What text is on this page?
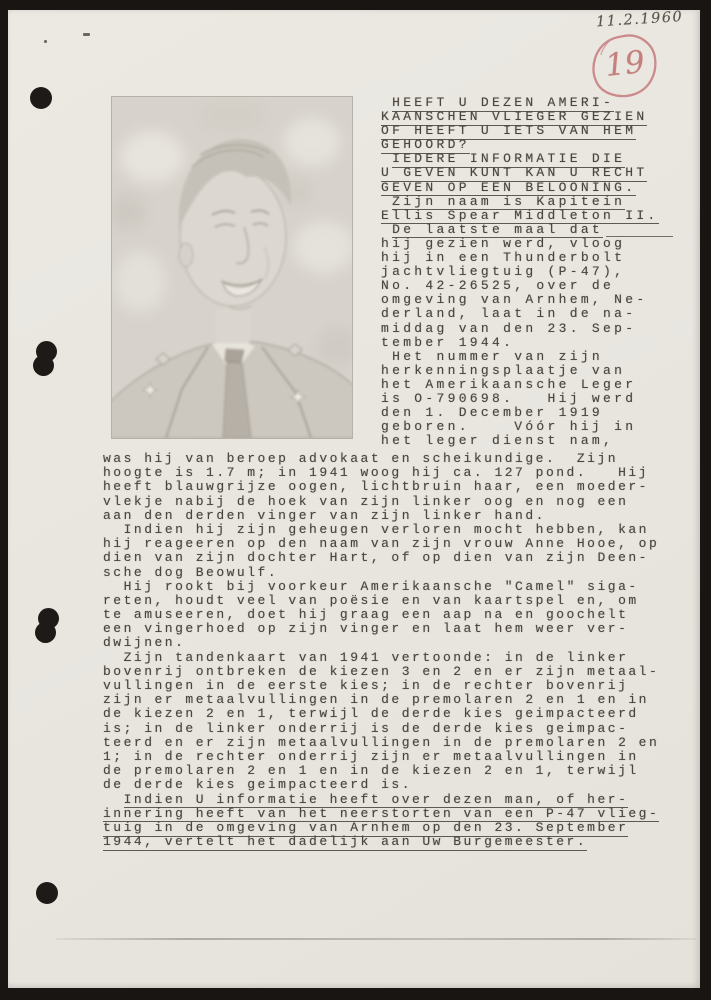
11.2.1960
19

HEEFT U DEZEN AMERI-
KAANSCHEN VLIEGER GEZIEN
OF HEEFT U IETS VAN HEM
GEHOORD?

IEDERE INFORMATIE DIE
U GEVEN KUNT KAN U RECHT
GEVEN OP EEN BELOONING.

Zijn naam is Kapitein
Ellis Spear Middleton II.

De laatste maal dat
hij gezien werd, vloog
hij in een Thunderbolt
jachtvliegtuig (P-47),
No. 42-26525, over de
omgeving van Arnhem, Ne-
derland, laat in de na-
middag van den 23. Sep-
tember 1944.

Het nummer van zijn
herkenningsplaatje van
het Amerikaansche Leger
is O-790698.   Hij werd
den 1. December 1919
geboren.    Vóór hij in
het leger dienst nam,
was hij van beroep advokaat en scheikundige.  Zijn
hoogte is 1.7 m; in 1941 woog hij ca. 127 pond.   Hij
heeft blauwgrijze oogen, lichtbruin haar, een moeder-
vlekje nabij de hoek van zijn linker oog en nog een
aan den derden vinger van zijn linker hand.

Indien hij zijn geheugen verloren mocht hebben, kan
hij reageeren op den naam van zijn vrouw Anne Hooe, op
dien van zijn dochter Hart, of op dien van zijn Deen-
sche dog Beowulf.

Hij rookt bij voorkeur Amerikaansche "Camel" siga-
reten, houdt veel van poësie en van kaartspel en, om
te amuseeren, doet hij graag een aap na en goochelt
een vingerhoed op zijn vinger en laat hem weer ver-
dwijnen.

Zijn tandenkaart van 1941 vertoonde: in de linker
bovenrij ontbreken de kiezen 3 en 2 en er zijn metaal-
vullingen in de eerste kies; in de rechter bovenrij
zijn er metaalvullingen in de premolaren 2 en 1 en in
de kiezen 2 en 1, terwijl de derde kies geimpacteerd
is; in de linker onderrij is de derde kies geimpac-
teerd en er zijn metaalvullingen in de premolaren 2 en
1; in de rechter onderrij zijn er metaalvullingen in
de premolaren 2 en 1 en in de kiezen 2 en 1, terwijl
de derde kies geimpacteerd is.

Indien U informatie heeft over dezen man, of her-
innering heeft van het neerstorten van een P-47 vlieg-
tuig in de omgeving van Arnhem op den 23. September
1944, vertelt het dadelijk aan Uw Burgemeester.
